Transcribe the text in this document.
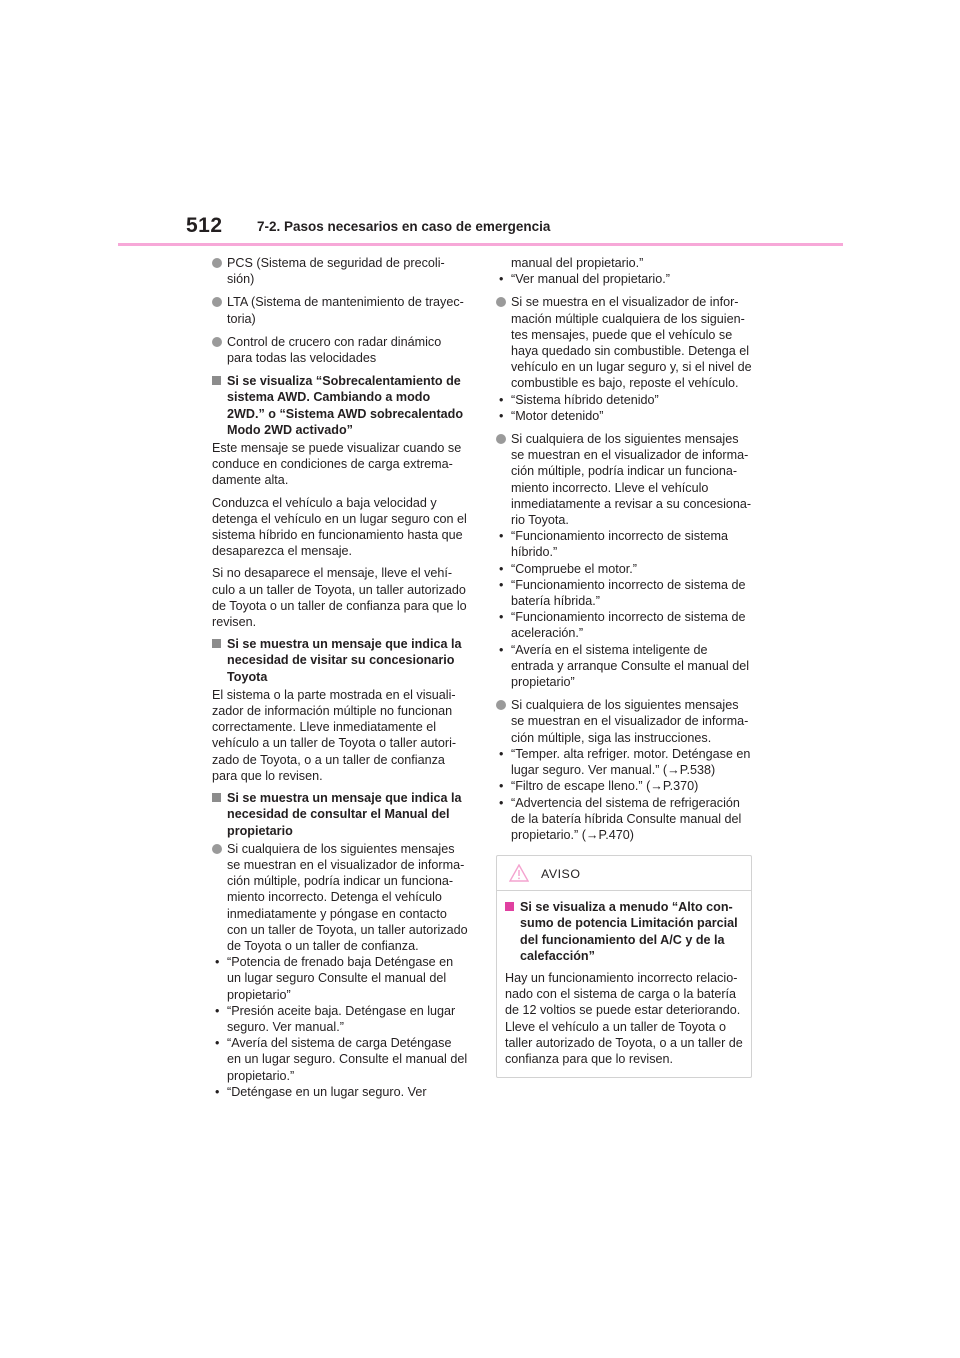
512	7-2. Pasos necesarios en caso de emergencia
PCS (Sistema de seguridad de precoli-
sión)
LTA (Sistema de mantenimiento de trayec-
toria)
Control de crucero con radar dinámico
para todas las velocidades
Si se visualiza “Sobrecalentamiento de
sistema AWD. Cambiando a modo
2WD.” o “Sistema AWD sobrecalentado
Modo 2WD activado”
Este mensaje se puede visualizar cuando se
conduce en condiciones de carga extrema-
damente alta.
Conduzca el vehículo a baja velocidad y
detenga el vehículo en un lugar seguro con el
sistema híbrido en funcionamiento hasta que
desaparezca el mensaje.
Si no desaparece el mensaje, lleve el vehí-
culo a un taller de Toyota, un taller autorizado
de Toyota o un taller de confianza para que lo
revisen.
Si se muestra un mensaje que indica la
necesidad de visitar su concesionario
Toyota
El sistema o la parte mostrada en el visuali-
zador de información múltiple no funcionan
correctamente. Lleve inmediatamente el
vehículo a un taller de Toyota o taller autori-
zado de Toyota, o a un taller de confianza
para que lo revisen.
Si se muestra un mensaje que indica la
necesidad de consultar el Manual del
propietario
Si cualquiera de los siguientes mensajes
se muestran en el visualizador de informa-
ción múltiple, podría indicar un funciona-
miento incorrecto. Detenga el vehículo
inmediatamente y póngase en contacto
con un taller de Toyota, un taller autorizado
de Toyota o un taller de confianza.
• “Potencia de frenado baja Deténgase en
un lugar seguro Consulte el manual del
propietario”
• “Presión aceite baja. Deténgase en lugar
seguro. Ver manual.”
• “Avería del sistema de carga Deténgase
en un lugar seguro. Consulte el manual del
propietario.”
• “Deténgase en un lugar seguro. Ver
manual del propietario.”
• “Ver manual del propietario.”
Si se muestra en el visualizador de infor-
mación múltiple cualquiera de los siguien-
tes mensajes, puede que el vehículo se
haya quedado sin combustible. Detenga el
vehículo en un lugar seguro y, si el nivel de
combustible es bajo, reposte el vehículo.
• “Sistema híbrido detenido”
• “Motor detenido”
Si cualquiera de los siguientes mensajes
se muestran en el visualizador de informa-
ción múltiple, podría indicar un funciona-
miento incorrecto. Lleve el vehículo
inmediatamente a revisar a su concesiona-
rio Toyota.
• “Funcionamiento incorrecto de sistema
híbrido.”
• “Compruebe el motor.”
• “Funcionamiento incorrecto de sistema de
batería híbrida.”
• “Funcionamiento incorrecto de sistema de
aceleración.”
• “Avería en el sistema inteligente de
entrada y arranque Consulte el manual del
propietario”
Si cualquiera de los siguientes mensajes
se muestran en el visualizador de informa-
ción múltiple, siga las instrucciones.
• “Temper. alta refriger. motor. Deténgase en
lugar seguro. Ver manual.” (→P.538)
• “Filtro de escape lleno.” (→P.370)
• “Advertencia del sistema de refrigeración
de la batería híbrida Consulte manual del
propietario.” (→P.470)
AVISO
Si se visualiza a menudo “Alto con-
sumo de potencia Limitación parcial
del funcionamiento del A/C y de la
calefacción”
Hay un funcionamiento incorrecto relacio-
nado con el sistema de carga o la batería
de 12 voltios se puede estar deteriorando.
Lleve el vehículo a un taller de Toyota o
taller autorizado de Toyota, o a un taller de
confianza para que lo revisen.
